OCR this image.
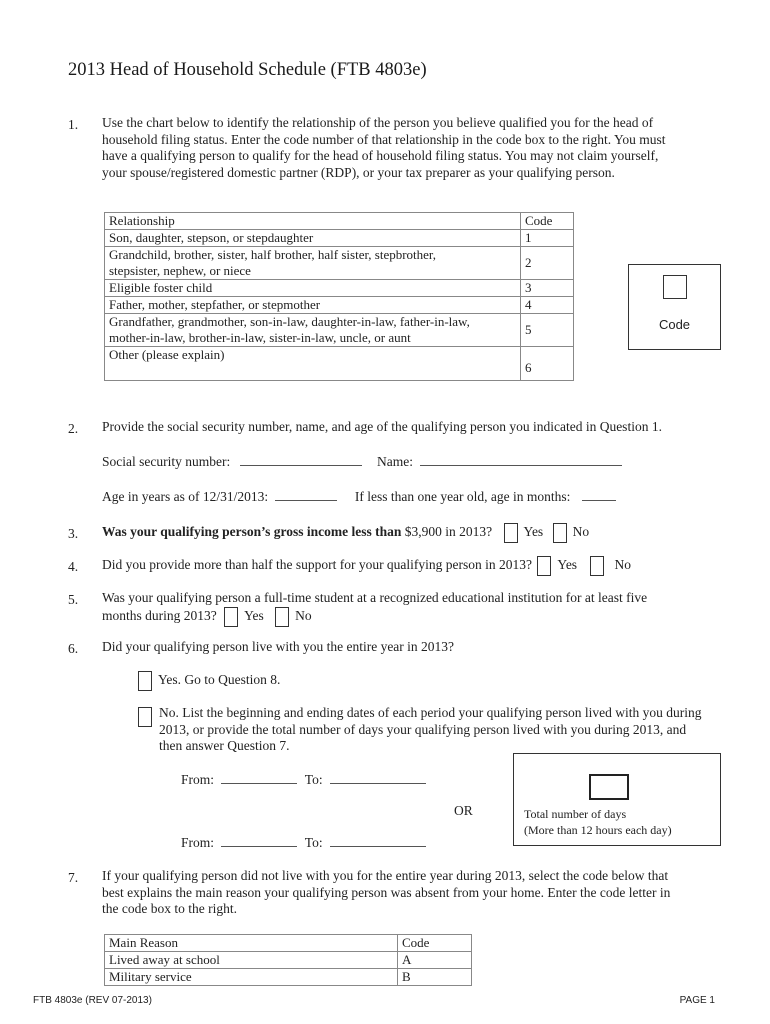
2013 Head of Household Schedule (FTB 4803e)
1. Use the chart below to identify the relationship of the person you believe qualified you for the head of
household filing status. Enter the code number of that relationship in the code box to the right. You must
have a qualifying person to qualify for the head of household filing status. You may not claim yourself,
your spouse/registered domestic partner (RDP), or your tax preparer as your qualifying person.
Relationship	Code
Son, daughter, stepson, or stepdaughter	1

Grandchild, brother, sister, half brother, half sister, stepbrother,
stepsister, nephew, or niece	2
Eligible foster child	3
Father, mother, stepfather, or stepmother	4

Grandfather, grandmother, son-in-law, daughter-in-law, father-in-law,
mother-in-law, brother-in-law, sister-in-law, uncle, or aunt	5
Other (please explain)	6
Code
2. Provide the social security number, name, and age of the qualifying person you indicated in Question 1.
Social security number:	Name:
Age in years as of 12/31/2013:	If less than one year old, age in months:
3. Was your qualifying person’s gross income less than $3,900 in 2013? Yes No
4. Did you provide more than half the support for your qualifying person in 2013? Yes	No
5. Was your qualifying person a full-time student at a recognized educational institution for at least five
months during 2013? Yes No
6. Did your qualifying person live with you the entire year in 2013?
Yes. Go to Question 8.
No. List the beginning and ending dates of each period your qualifying person lived with you during
2013, or provide the total number of days your qualifying person lived with you during 2013, and
then answer Question 7.
From:	To:
OR
From:	To:
Total number of days
(More than 12 hours each day)
7. If your qualifying person did not live with you for the entire year during 2013, select the code below that
best explains the main reason your qualifying person was absent from your home. Enter the code letter in
the code box to the right.
Main Reason	Code
Lived away at school	A
Military service	B
FTB 4803e (REV 07-2013)	PAGE 1
